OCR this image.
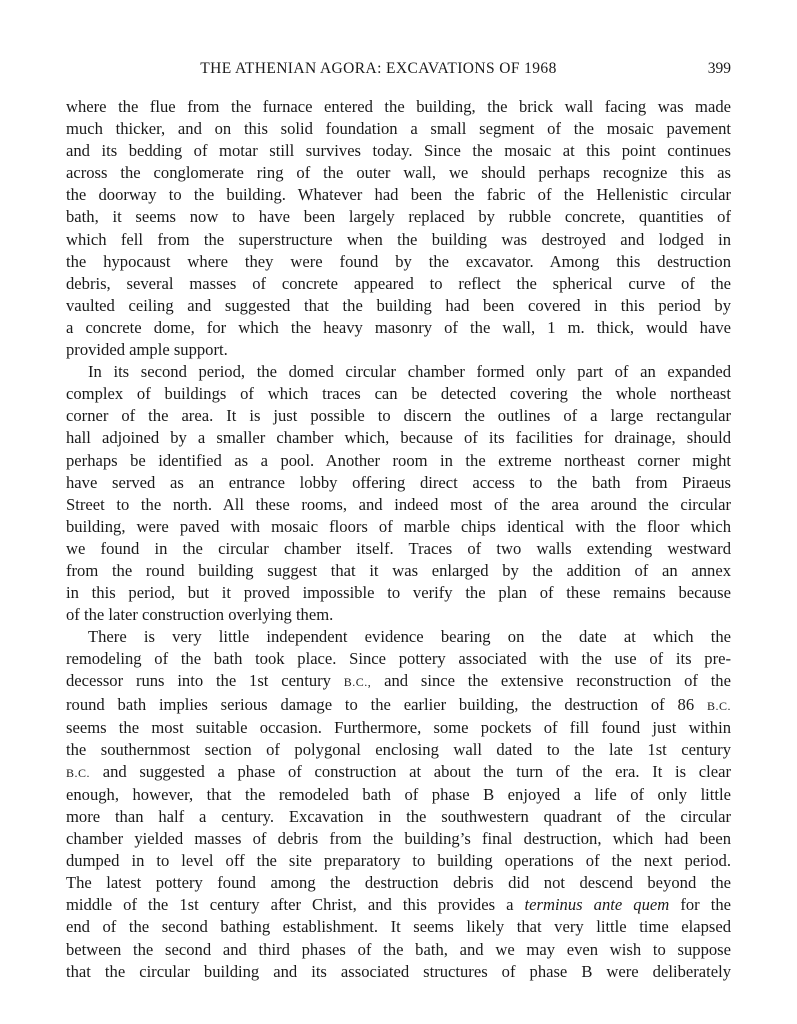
THE ATHENIAN AGORA: EXCAVATIONS OF 1968	399

where the flue from the furnace entered the building, the brick wall facing was made
much thicker, and on this solid foundation a small segment of the mosaic pavement
and its bedding of motar still survives today. Since the mosaic at this point continues
across the conglomerate ring of the outer wall, we should perhaps recognize this as
the doorway to the building. Whatever had been the fabric of the Hellenistic circular
bath, it seems now to have been largely replaced by rubble concrete, quantities of
which fell from the superstructure when the building was destroyed and lodged in
the hypocaust where they were found by the excavator. Among this destruction
debris, several masses of concrete appeared to reflect the spherical curve of the
vaulted ceiling and suggested that the building had been covered in this period by
a concrete dome, for which the heavy masonry of the wall, 1 m. thick, would have
provided ample support.

In its second period, the domed circular chamber formed only part of an expanded
complex of buildings of which traces can be detected covering the whole northeast
corner of the area. It is just possible to discern the outlines of a large rectangular
hall adjoined by a smaller chamber which, because of its facilities for drainage, should
perhaps be identified as a pool. Another room in the extreme northeast corner might
have served as an entrance lobby offering direct access to the bath from Piraeus
Street to the north. All these rooms, and indeed most of the area around the circular
building, were paved with mosaic floors of marble chips identical with the floor which
we found in the circular chamber itself. Traces of two walls extending westward
from the round building suggest that it was enlarged by the addition of an annex
in this period, but it proved impossible to verify the plan of these remains because
of the later construction overlying them.

There is very little independent evidence bearing on the date at which the
remodeling of the bath took place. Since pottery associated with the use of its pre-
decessor runs into the 1st century B.C., and since the extensive reconstruction of the
round bath implies serious damage to the earlier building, the destruction of 86 B.C.
seems the most suitable occasion. Furthermore, some pockets of fill found just within
the southernmost section of polygonal enclosing wall dated to the late 1st century
B.C. and suggested a phase of construction at about the turn of the era. It is clear
enough, however, that the remodeled bath of phase B enjoyed a life of only little
more than half a century. Excavation in the southwestern quadrant of the circular
chamber yielded masses of debris from the building’s final destruction, which had been
dumped in to level off the site preparatory to building operations of the next period.
The latest pottery found among the destruction debris did not descend beyond the
middle of the 1st century after Christ, and this provides a terminus ante quem for the
end of the second bathing establishment. It seems likely that very little time elapsed
between the second and third phases of the bath, and we may even wish to suppose
that the circular building and its associated structures of phase B were deliberately
